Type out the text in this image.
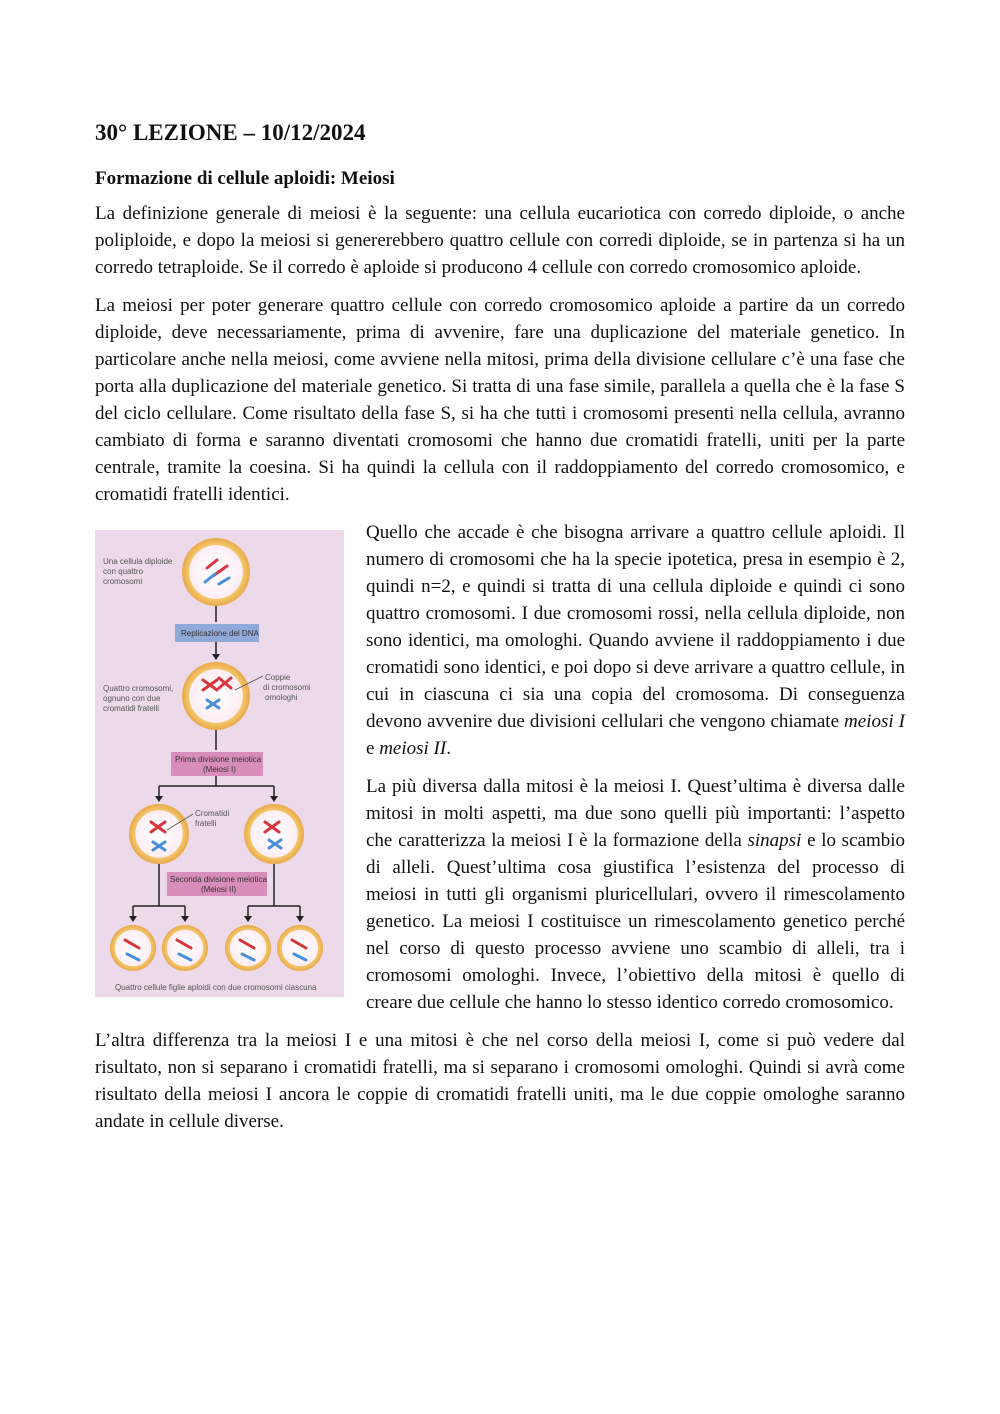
30° LEZIONE – 10/12/2024
Formazione di cellule aploidi: Meiosi

La definizione generale di meiosi è la seguente: una cellula eucariotica con corredo diploide, o anche poliploide, e dopo la meiosi si genererebbero quattro cellule con corredi diploide, se in partenza si ha un corredo tetraploide. Se il corredo è aploide si producono 4 cellule con corredo cromosomico aploide.

La meiosi per poter generare quattro cellule con corredo cromosomico aploide a partire da un corredo diploide, deve necessariamente, prima di avvenire, fare una duplicazione del materiale genetico. In particolare anche nella meiosi, come avviene nella mitosi, prima della divisione cellulare c’è una fase che porta alla duplicazione del materiale genetico. Si tratta di una fase simile, parallela a quella che è la fase S del ciclo cellulare. Come risultato della fase S, si ha che tutti i cromosomi presenti nella cellula, avranno cambiato di forma e saranno diventati cromosomi che hanno due cromatidi fratelli, uniti per la parte centrale, tramite la coesina. Si ha quindi la cellula con il raddoppiamento del corredo cromosomico, e cromatidi fratelli identici.

Una cellula diploide
con quattro
cromosomi
Replicazione del DNA
Quattro cromosomi,
ognuno con due
cromatidi fratelli
Coppie
di cromosomi
omologhi
Prima divisione meiotica
(Meiosi I)
Cromatidi
fratelli
Seconda divisione meiotica
(Meiosi II)
Quattro cellule figlie aploidi con due cromosomi ciascuna

Quello che accade è che bisogna arrivare a quattro cellule aploidi. Il numero di cromosomi che ha la specie ipotetica, presa in esempio è 2, quindi n=2, e quindi si tratta di una cellula diploide e quindi ci sono quattro cromosomi. I due cromosomi rossi, nella cellula diploide, non sono identici, ma omologhi. Quando avviene il raddoppiamento i due cromatidi sono identici, e poi dopo si deve arrivare a quattro cellule, in cui in ciascuna ci sia una copia del cromosoma. Di conseguenza devono avvenire due divisioni cellulari che vengono chiamate meiosi I e meiosi II.

La più diversa dalla mitosi è la meiosi I. Quest’ultima è diversa dalle mitosi in molti aspetti, ma due sono quelli più importanti: l’aspetto che caratterizza la meiosi I è la formazione della sinapsi e lo scambio di alleli. Quest’ultima cosa giustifica l’esistenza del processo di meiosi in tutti gli organismi pluricellulari, ovvero il rimescolamento genetico. La meiosi I costituisce un rimescolamento genetico perché nel corso di questo processo avviene uno scambio di alleli, tra i cromosomi omologhi. Invece, l’obiettivo della mitosi è quello di creare due cellule che hanno lo stesso identico corredo cromosomico.

L’altra differenza tra la meiosi I e una mitosi è che nel corso della meiosi I, come si può vedere dal risultato, non si separano i cromatidi fratelli, ma si separano i cromosomi omologhi. Quindi si avrà come risultato della meiosi I ancora le coppie di cromatidi fratelli uniti, ma le due coppie omologhe saranno andate in cellule diverse.
